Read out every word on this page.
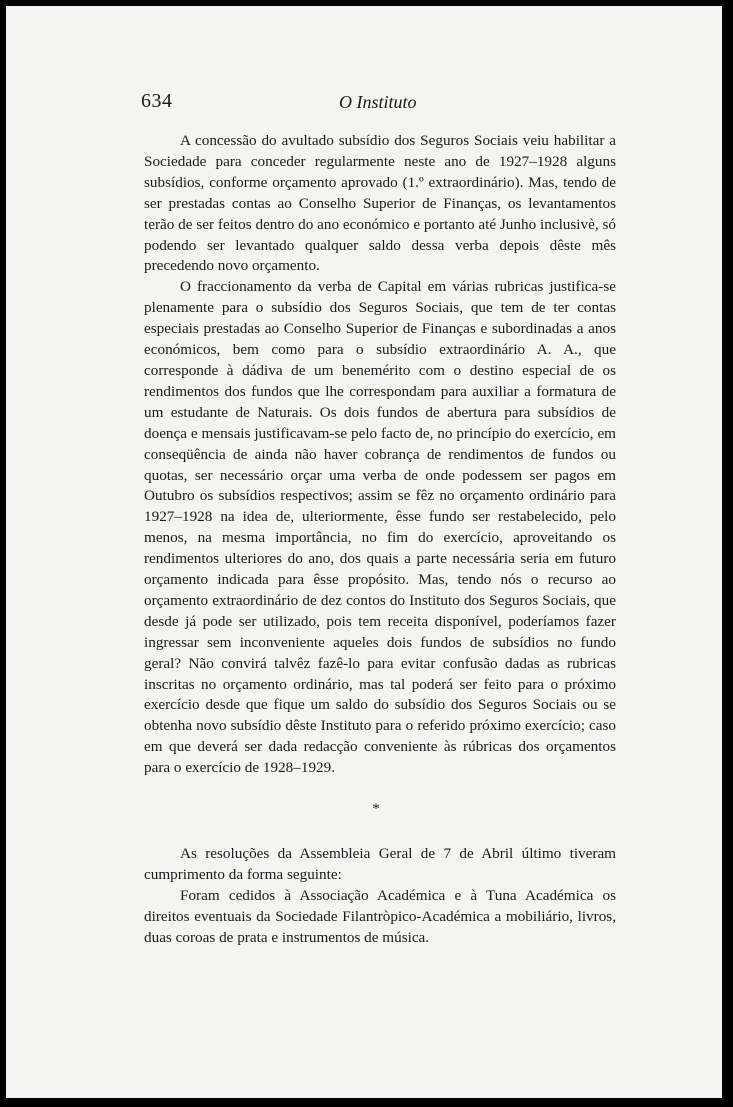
634	O Instituto

A concessão do avultado subsídio dos Seguros Sociais veiu habilitar a Sociedade para conceder regularmente neste ano de 1927–1928 alguns subsídios, conforme orçamento aprovado (1.º extraordinário). Mas, tendo de ser prestadas contas ao Conselho Superior de Finanças, os levantamentos terão de ser feitos dentro do ano económico e portanto até Junho inclusivè, só podendo ser levantado qualquer saldo dessa verba depois dêste mês precedendo novo orçamento.

O fraccionamento da verba de Capital em várias rubricas justifica-se plenamente para o subsídio dos Seguros Sociais, que tem de ter contas especiais prestadas ao Conselho Superior de Finanças e subordinadas a anos económicos, bem como para o subsídio extraordinário A. A., que corresponde à dádiva de um benemérito com o destino especial de os rendimentos dos fundos que lhe correspondam para auxiliar a formatura de um estudante de Naturais. Os dois fundos de abertura para subsídios de doença e mensais justificavam-se pelo facto de, no princípio do exercício, em conseqüência de ainda não haver cobrança de rendimentos de fundos ou quotas, ser necessário orçar uma verba de onde podessem ser pagos em Outubro os subsídios respectivos; assim se fêz no orçamento ordinário para 1927–1928 na idea de, ulteriormente, êsse fundo ser restabelecido, pelo menos, na mesma importância, no fim do exercício, aproveitando os rendimentos ulteriores do ano, dos quais a parte necessária seria em futuro orçamento indicada para êsse propósito. Mas, tendo nós o recurso ao orçamento extraordinário de dez contos do Instituto dos Seguros Sociais, que desde já pode ser utilizado, pois tem receita disponível, poderíamos fazer ingressar sem inconveniente aqueles dois fundos de subsídios no fundo geral? Não convirá talvêz fazê-lo para evitar confusão dadas as rubricas inscritas no orçamento ordinário, mas tal poderá ser feito para o próximo exercício desde que fique um saldo do subsídio dos Seguros Sociais ou se obtenha novo subsídio dêste Instituto para o referido próximo exercício; caso em que deverá ser dada redacção conveniente às rúbricas dos orçamentos para o exercício de 1928–1929.

*

As resoluções da Assembleia Geral de 7 de Abril último tiveram cumprimento da forma seguinte:

Foram cedidos à Associação Académica e à Tuna Académica os direitos eventuais da Sociedade Filantròpico-Académica a mobiliário, livros, duas coroas de prata e instrumentos de música.
